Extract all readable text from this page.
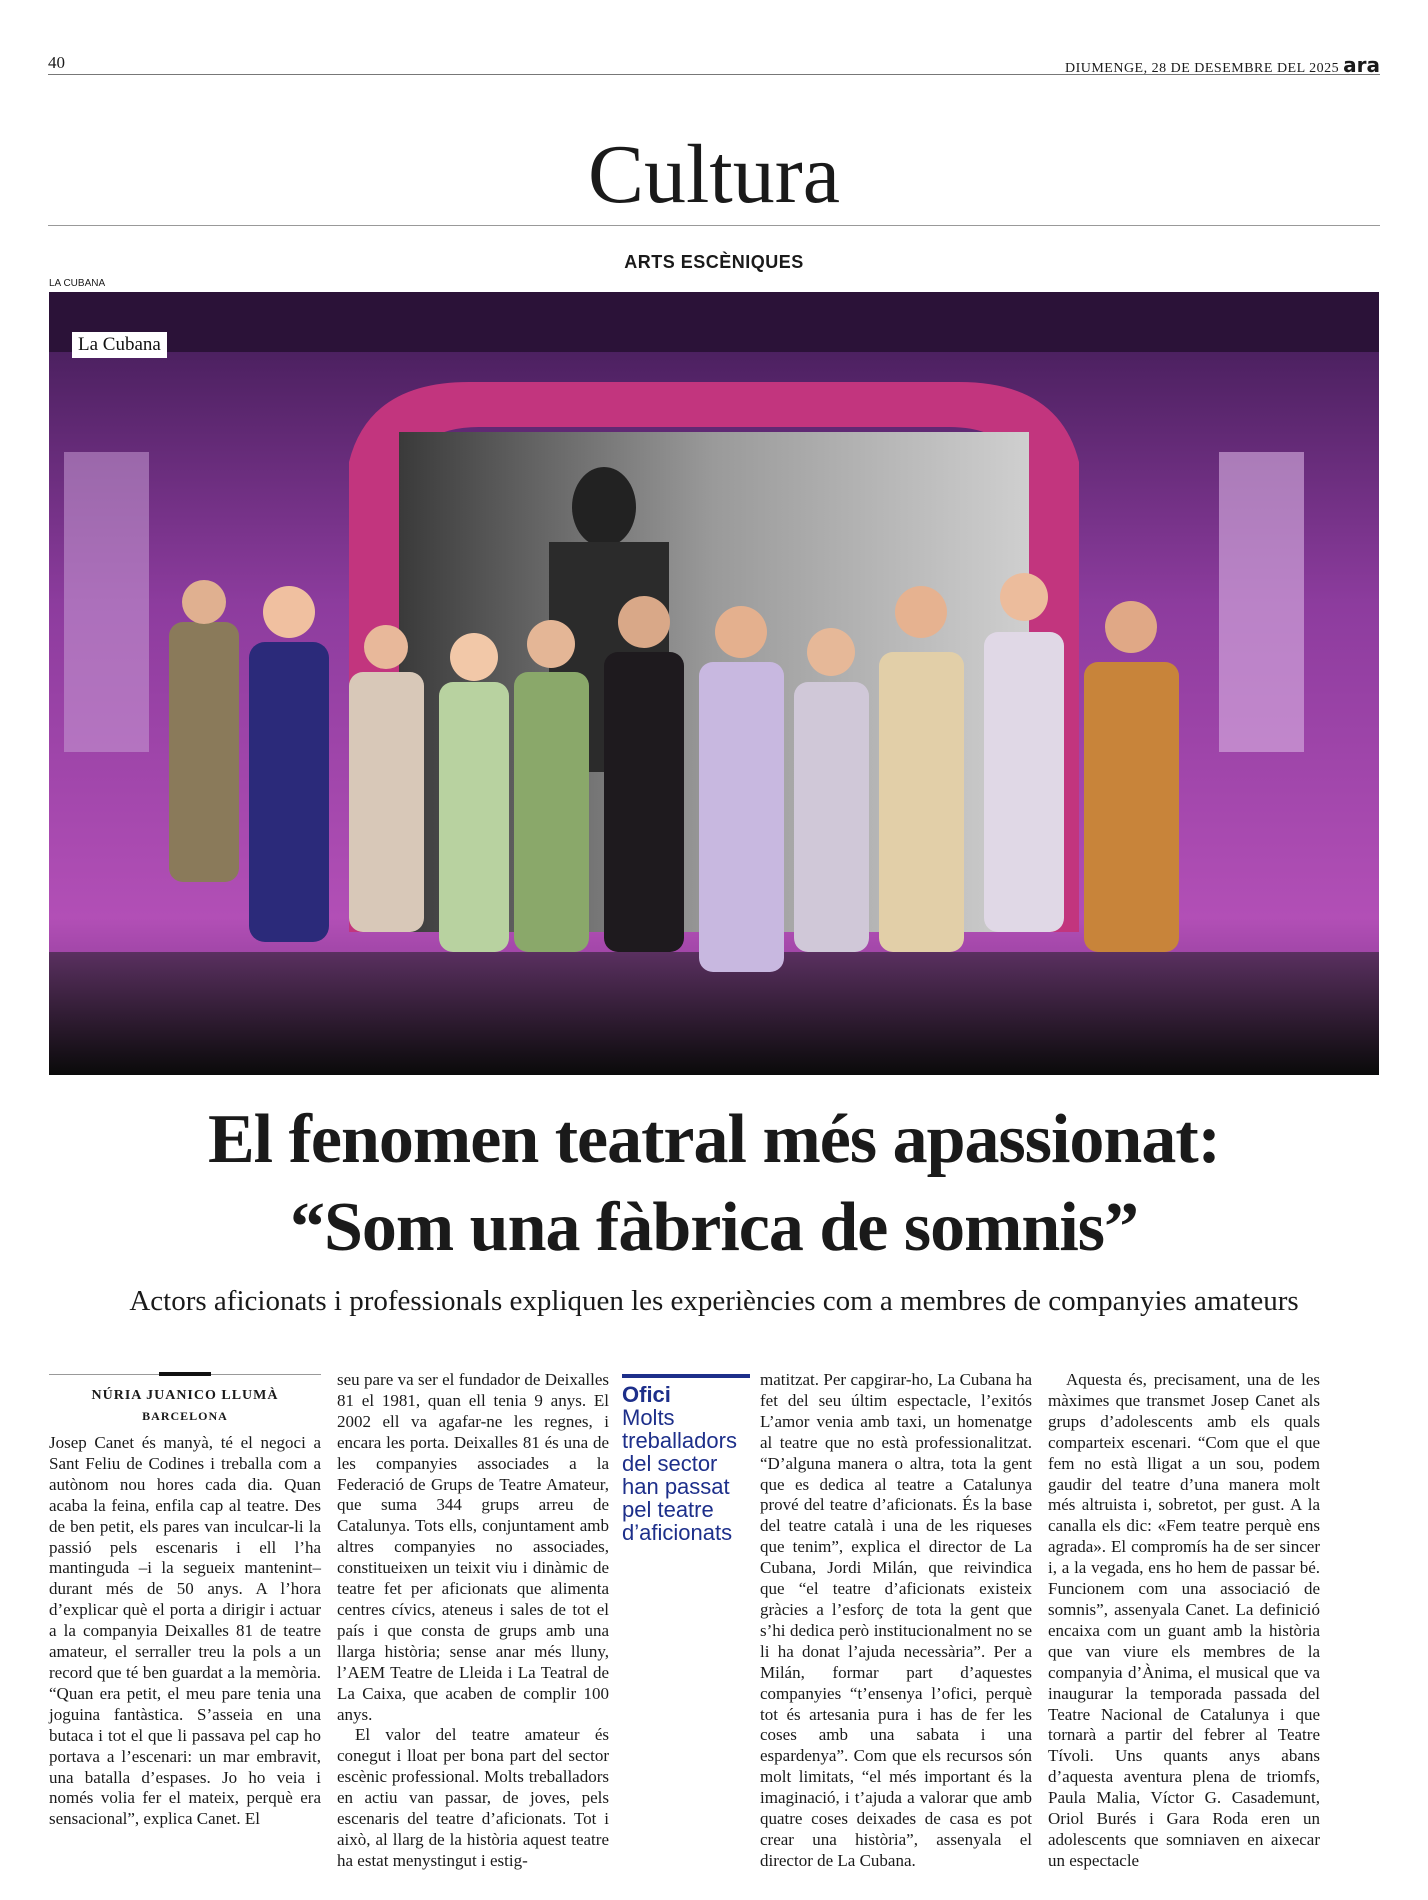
40	DIUMENGE, 28 DE DESEMBRE DEL 2025 ara
Cultura
ARTS ESCÈNIQUES
LA CUBANA
La Cubana
El fenomen teatral més apassionat:
“Som una fàbrica de somnis”
Actors aficionats i professionals expliquen les experiències com a membres de companyies amateurs
NÚRIA JUANICO LLUMÀ
BARCELONA

Josep Canet és manyà, té el negoci a Sant Feliu de Codines i treballa com a autònom nou hores cada dia. Quan acaba la feina, enfila cap al teatre. Des de ben petit, els pares van inculcar-li la passió pels escenaris i ell l’ha mantinguda –i la segueix mantenint– durant més de 50 anys. A l’hora d’explicar què el porta a dirigir i actuar a la companyia Deixalles 81 de teatre amateur, el serraller treu la pols a un record que té ben guardat a la memòria. “Quan era petit, el meu pare tenia una joguina fantàstica. S’asseia en una butaca i tot el que li passava pel cap ho portava a l’escenari: un mar embravit, una batalla d’espases. Jo ho veia i només volia fer el mateix, perquè era sensacional”, explica Canet. El

seu pare va ser el fundador de Deixalles 81 el 1981, quan ell tenia 9 anys. El 2002 ell va agafar-ne les regnes, i encara les porta. Deixalles 81 és una de les companyies associades a la Federació de Grups de Teatre Amateur, que suma 344 grups arreu de Catalunya. Tots ells, conjuntament amb altres companyies no associades, constitueixen un teixit viu i dinàmic de teatre fet per aficionats que alimenta centres cívics, ateneus i sales de tot el país i que consta de grups amb una llarga història; sense anar més lluny, l’AEM Teatre de Lleida i La Teatral de La Caixa, que acaben de complir 100 anys.

El valor del teatre amateur és conegut i lloat per bona part del sector escènic professional. Molts treballadors en actiu van passar, de joves, pels escenaris del teatre d’aficionats. Tot i això, al llarg de la història aquest teatre ha estat menystingut i estig-

Ofici
Molts treballadors del sector han passat pel teatre d’aficionats

matitzat. Per capgirar-ho, La Cubana ha fet del seu últim espectacle, l’exitós L’amor venia amb taxi, un homenatge al teatre que no està professionalitzat. “D’alguna manera o altra, tota la gent que es dedica al teatre a Catalunya prové del teatre d’aficionats. És la base del teatre català i una de les riqueses que tenim”, explica el director de La Cubana, Jordi Milán, que reivindica que “el teatre d’aficionats existeix gràcies a l’esforç de tota la gent que s’hi dedica però institucionalment no se li ha donat l’ajuda necessària”. Per a Milán, formar part d’aquestes companyies “t’ensenya l’ofici, perquè tot és artesania pura i has de fer les coses amb una sabata i una espardenya”. Com que els recursos són molt limitats, “el més important és la imaginació, i t’ajuda a valorar que amb quatre coses deixades de casa es pot crear una història”, assenyala el director de La Cubana.

Aquesta és, precisament, una de les màximes que transmet Josep Canet als grups d’adolescents amb els quals comparteix escenari. “Com que el que fem no està lligat a un sou, podem gaudir del teatre d’una manera molt més altruista i, sobretot, per gust. A la canalla els dic: «Fem teatre perquè ens agrada». El compromís ha de ser sincer i, a la vegada, ens ho hem de passar bé. Funcionem com una associació de somnis”, assenyala Canet. La definició encaixa com un guant amb la història que van viure els membres de la companyia d’Ànima, el musical que va inaugurar la temporada passada del Teatre Nacional de Catalunya i que tornarà a partir del febrer al Teatre Tívoli. Uns quants anys abans d’aquesta aventura plena de triomfs, Paula Malia, Víctor G. Casademunt, Oriol Burés i Gara Roda eren un adolescents que somniaven en aixecar un espectacle
